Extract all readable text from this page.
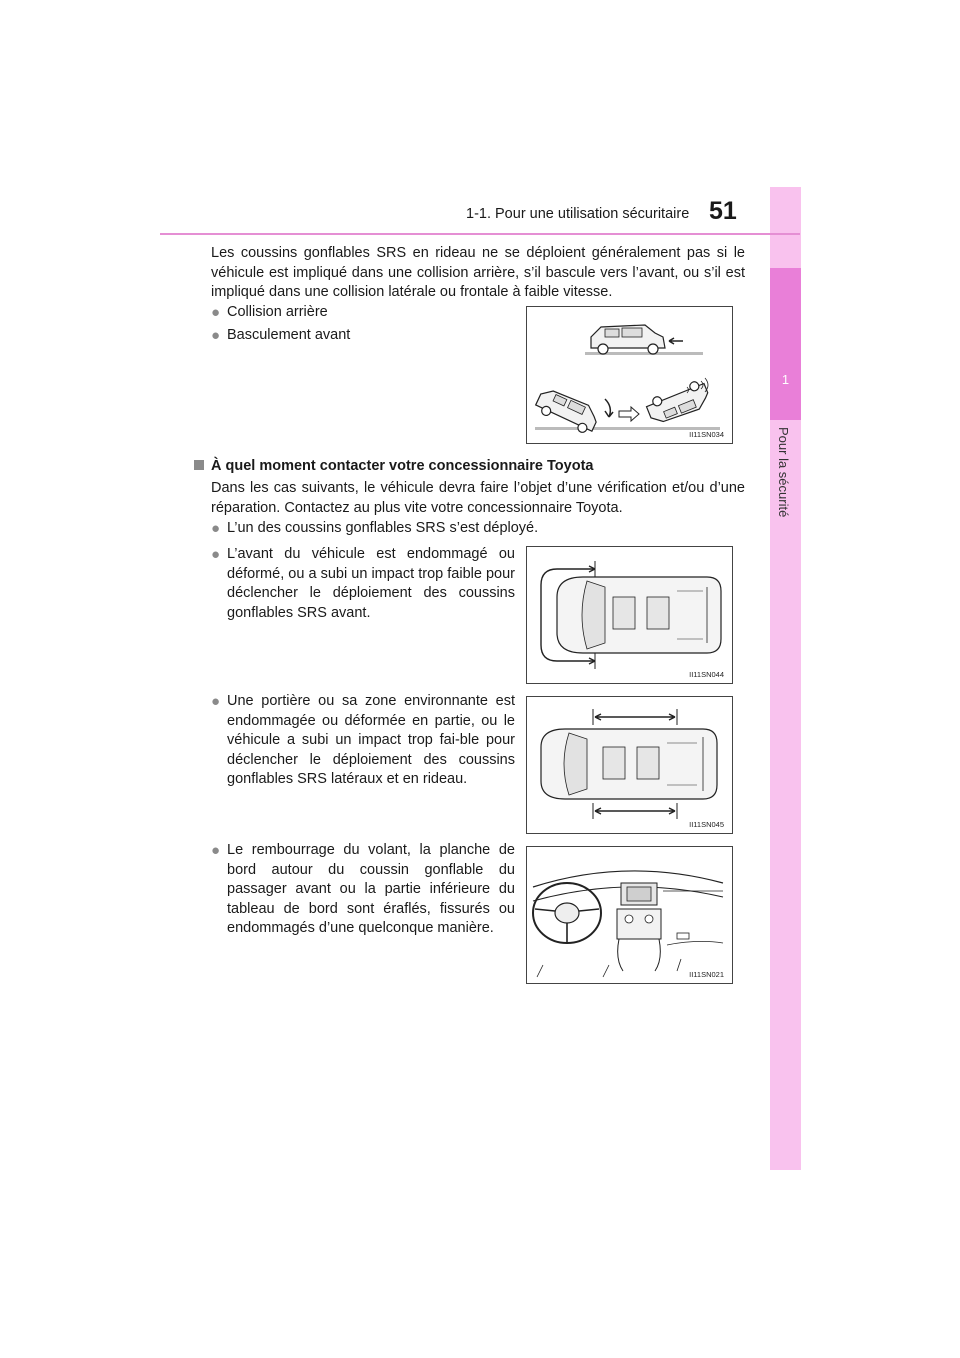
1
Pour la sécurité
1-1. Pour une utilisation sécuritaire 51
Les coussins gonflables SRS en rideau ne se déploient généralement pas si le véhicule est impliqué dans une collision arrière, s’il bascule vers l’avant, ou s’il est impliqué dans une collision latérale ou frontale à faible vitesse.
● Collision arrière
● Basculement avant
II11SN034
À quel moment contacter votre concessionnaire Toyota
Dans les cas suivants, le véhicule devra faire l’objet d’une vérification et/ou d’une réparation. Contactez au plus vite votre concessionnaire Toyota.
● L’un des coussins gonflables SRS s’est déployé.
● L’avant du véhicule est endommagé ou déformé, ou a subi un impact trop faible pour déclencher le déploiement des coussins gonflables SRS avant.
II11SN044
● Une portière ou sa zone environnante est endommagée ou déformée en partie, ou le véhicule a subi un impact trop fai-ble pour déclencher le déploiement des coussins gonflables SRS latéraux et en rideau.
II11SN045
● Le rembourrage du volant, la planche de bord autour du coussin gonflable du passager avant ou la partie inférieure du tableau de bord sont éraflés, fissurés ou endommagés d’une quelconque manière.
II11SN021
